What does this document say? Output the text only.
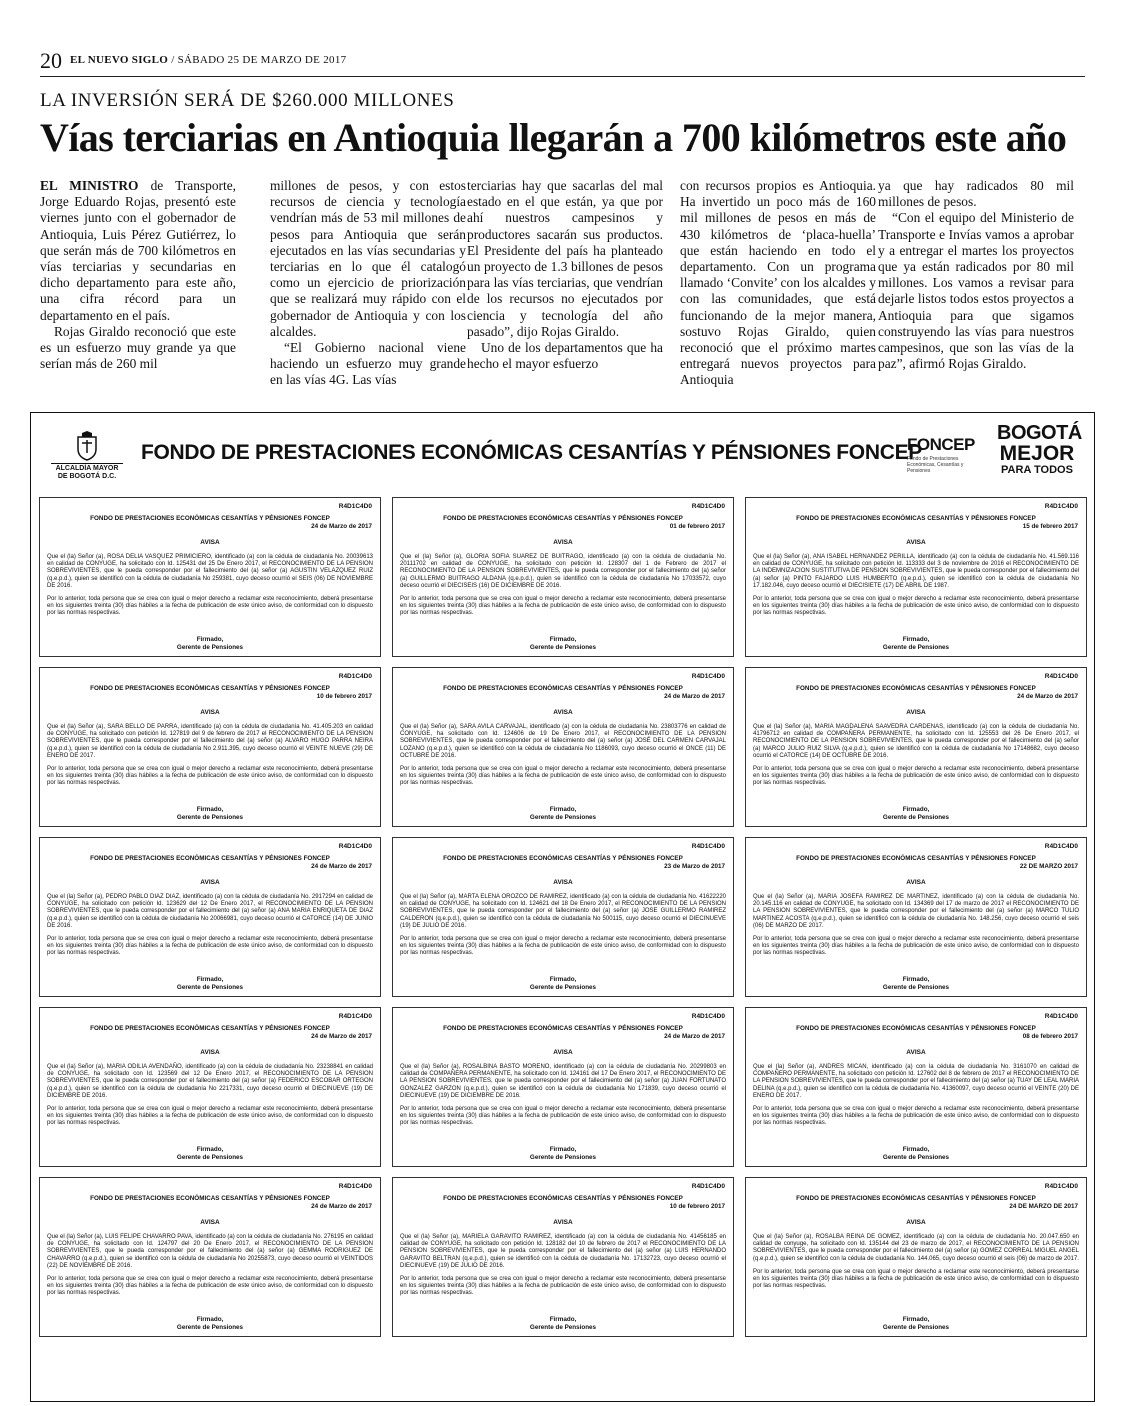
20 EL NUEVO SIGLO / SÁBADO 25 DE MARZO DE 2017
LA INVERSIÓN SERÁ DE $260.000 MILLONES
Vías terciarias en Antioquia llegarán a 700 kilómetros este año

EL MINISTRO de Transporte, Jorge Eduardo Rojas, presentó este viernes junto con el gobernador de Antioquia, Luis Pérez Gutiérrez, lo que serán más de 700 kilómetros en vías terciarias y secundarias en dicho departamento para este año, una cifra récord para un departamento en el país.

Rojas Giraldo reconoció que este es un esfuerzo muy grande ya que serían más de 260 mil

millones de pesos, y con estos recursos de ciencia y tecnología vendrían más de 53 mil millones de pesos para Antioquia que serán ejecutados en las vías secundarias y terciarias en lo que él catalogó como un ejercicio de priorización que se realizará muy rápido con el gobernador de Antioquia y con los alcaldes.

“El Gobierno nacional viene haciendo un esfuerzo muy grande en las vías 4G. Las vías

terciarias hay que sacarlas del mal estado en el que están, ya que por ahí nuestros campesinos y productores sacarán sus productos. El Presidente del país ha planteado un proyecto de 1.3 billones de pesos para las vías terciarias, que vendrían de los recursos no ejecutados por ciencia y tecnología del año pasado”, dijo Rojas Giraldo.

Uno de los departamentos que ha hecho el mayor esfuerzo

con recursos propios es Antioquia. Ha invertido un poco más de 160 mil millones de pesos en más de 430 kilómetros de ‘placa-huella’ que están haciendo en todo el departamento. Con un programa llamado ‘Convite’ con los alcaldes y con las comunidades, que está funcionando de la mejor manera, sostuvo Rojas Giraldo, quien reconoció que el próximo martes entregará nuevos proyectos para Antioquia

ya que hay radicados 80 mil millones de pesos.

“Con el equipo del Ministerio de Transporte e Invías vamos a aprobar y a entregar el martes los proyectos que ya están radicados por 80 mil millones. Los vamos a revisar para dejarle listos todos estos proyectos a Antioquia para que sigamos construyendo las vías para nuestros campesinos, que son las vías de la paz”, afirmó Rojas Giraldo.

ALCALDÍA MAYOR DE BOGOTÁ D.C.
FONDO DE PRESTACIONES ECONÓMICAS CESANTÍAS Y PÉNSIONES FONCEP
FONCEP
Fondo de Prestaciones Económicas, Cesantías y Pensiones
BOGOTÁ
MEJOR
PARA TODOS
R4D1C4D0
FONDO DE PRESTACIONES ECONÓMICAS CESANTÍAS Y PÉNSIONES FONCEP
24 de Marzo de 2017
AVISA

Que el (la) Señor (a), ROSA DELIA VASQUEZ PRIMICIERO, identificado (a) con la cédula de ciudadanía No. 20039613 en calidad de CONYUGE, ha solicitado con Id. 125431 del 25 De Enero 2017, el RECONOCIMIENTO DE LA PENSION SOBREVIVIENTES, que le pueda corresponder por el fallecimiento del (a) señor (a) AGUSTIN VELAZQUEZ RUIZ (q.e.p.d.), quien se identificó con la cédula de ciudadanía No 259381, cuyo deceso ocurrió el SEIS (06) DE NOVIEMBRE DE 2016.

Por lo anterior, toda persona que se crea con igual o mejor derecho a reclamar este reconocimiento, deberá presentarse en los siguientes treinta (30) días hábiles a la fecha de publicación de este único aviso, de conformidad con lo dispuesto por las normas respectivas.

Firmado,
Gerente de Pensiones
R4D1C4D0
FONDO DE PRESTACIONES ECONÓMICAS CESANTÍAS Y PÉNSIONES FONCEP
01 de febrero 2017
AVISA

Que el (la) Señor (a), GLORIA SOFIA SUAREZ DE BUITRAGO, identificado (a) con la cédula de ciudadanía No. 20111702 en calidad de CONYUGE, ha solicitado con petición Id. 128307 del 1 de Febrero de 2017 el RECONOCIMIENTO DE LA PENSION SOBREVIVIENTES, que le pueda corresponder por el fallecimiento del (a) señor (a) GUILLERMO BUITRAGO ALDANA (q.e.p.d.), quien se identificó con la cédula de ciudadanía No 17033572, cuyo deceso ocurrió el DIECISEIS (16) DE DICIEMBRE DE 2016.

Por lo anterior, toda persona que se crea con igual o mejor derecho a reclamar este reconocimiento, deberá presentarse en los siguientes treinta (30) días hábiles a la fecha de publicación de este único aviso, de conformidad con lo dispuesto por las normas respectivas.

Firmado,
Gerente de Pensiones
R4D1C4D0
FONDO DE PRESTACIONES ECONÓMICAS CESANTÍAS Y PÉNSIONES FONCEP
15 de febrero 2017
AVISA

Que el (la) Señor (a), ANA ISABEL HERNANDEZ PERILLA, identificado (a) con la cédula de ciudadanía No. 41.569.116 en calidad de CONYUGE, ha solicitado con petición Id. 113333 del 3 de noviembre de 2016 el RECONOCIMIENTO DE LA INDEMNIZACION SUSTITUTIVA DE PENSION SOBREVIVIENTES, que le pueda corresponder por el fallecimiento del (a) señor (a) PINTO FAJARDO LUIS HUMBERTO (q.e.p.d.), quien se identificó con la cédula de ciudadanía No 17.182.046, cuyo deceso ocurrió el DIECISIETE (17) DE ABRIL DE 1987.

Por lo anterior, toda persona que se crea con igual o mejor derecho a reclamar este reconocimiento, deberá presentarse en los siguientes treinta (30) días hábiles a la fecha de publicación de este único aviso, de conformidad con lo dispuesto por las normas respectivas.

Firmado,
Gerente de Pensiones
R4D1C4D0
FONDO DE PRESTACIONES ECONÓMICAS CESANTÍAS Y PÉNSIONES FONCEP
10 de febrero 2017
AVISA

Que el (la) Señor (a), SARA BELLO DE PARRA, identificado (a) con la cédula de ciudadanía No. 41.405.203 en calidad de CONYUGE, ha solicitado con petición Id. 127819 del 9 de febrero de 2017 el RECONOCIMIENTO DE LA PENSION SOBREVIVIENTES, que le pueda corresponder por el fallecimiento del (a) señor (a) ALVARO HUGO PARRA NEIRA (q.e.p.d.), quien se identificó con la cédula de ciudadanía No 2.911.395, cuyo deceso ocurrió el VEINTE NUEVE (29) DE ENERO DE 2017.

Por lo anterior, toda persona que se crea con igual o mejor derecho a reclamar este reconocimiento, deberá presentarse en los siguientes treinta (30) días hábiles a la fecha de publicación de este único aviso, de conformidad con lo dispuesto por las normas respectivas.

Firmado,
Gerente de Pensiones
R4D1C4D0
FONDO DE PRESTACIONES ECONÓMICAS CESANTÍAS Y PÉNSIONES FONCEP
24 de Marzo de 2017
AVISA

Que el (la) Señor (a), SARA AVILA CARVAJAL, identificado (a) con la cédula de ciudadanía No. 23803776 en calidad de CONYUGE, ha solicitado con Id. 124606 de 19 De Enero 2017, el RECONOCIMIENTO DE LA PENSION SOBREVIVIENTES, que le pueda corresponder por el fallecimiento del (a) señor (a) JOSÉ DEL CARMEN CARVAJAL LOZANO (q.e.p.d.), quien se identificó con la cédula de ciudadanía No 1186093, cuyo deceso ocurrió el ONCE (11) DE OCTUBRE DE 2016.

Por lo anterior, toda persona que se crea con igual o mejor derecho a reclamar este reconocimiento, deberá presentarse en los siguientes treinta (30) días hábiles a la fecha de publicación de este único aviso, de conformidad con lo dispuesto por las normas respectivas.

Firmado,
Gerente de Pensiones
R4D1C4D0
FONDO DE PRESTACIONES ECONÓMICAS CESANTÍAS Y PÉNSIONES FONCEP
24 de Marzo de 2017
AVISA

Que el (la) Señor (a), MARIA MAGDALENA SAAVEDRA CARDENAS, identificado (a) con la cédula de ciudadanía No. 41796712 en calidad de COMPAÑERA PERMANENTE, ha solicitado con Id. 125553 del 26 De Enero 2017, el RECONOCIMIENTO DE LA PENSION SOBREVIVIENTES, que le pueda corresponder por el fallecimiento del (a) señor (a) MARCO JULIO RUIZ SILVA (q.e.p.d.), quien se identificó con la cédula de ciudadanía No 17148682, cuyo deceso ocurrió el CATORCE (14) DE OCTUBRE DE 2016.

Por lo anterior, toda persona que se crea con igual o mejor derecho a reclamar este reconocimiento, deberá presentarse en los siguientes treinta (30) días hábiles a la fecha de publicación de este único aviso, de conformidad con lo dispuesto por las normas respectivas.

Firmado,
Gerente de Pensiones
R4D1C4D0
FONDO DE PRESTACIONES ECONÓMICAS CESANTÍAS Y PÉNSIONES FONCEP
24 de Marzo de 2017
AVISA

Que el (la) Señor (a), PEDRO PABLO DIAZ DIAZ, identificado (a) con la cédula de ciudadanía No. 2917294 en calidad de CONYUGE, ha solicitado con petición Id. 123629 del 12 De Enero 2017, el RECONOCIMIENTO DE LA PENSION SOBREVIVIENTES, que le pueda corresponder por el fallecimiento del (a) señor (a) ANA MARIA ENRIQUETA DE DIAZ (q.e.p.d.), quien se identificó con la cédula de ciudadanía No 20066981, cuyo deceso ocurrió el CATORCE (14) DE JUNIO DE 2016.

Por lo anterior, toda persona que se crea con igual o mejor derecho a reclamar este reconocimiento, deberá presentarse en los siguientes treinta (30) días hábiles a la fecha de publicación de este único aviso, de conformidad con lo dispuesto por las normas respectivas.

Firmado,
Gerente de Pensiones
R4D1C4D0
FONDO DE PRESTACIONES ECONÓMICAS CESANTÍAS Y PÉNSIONES FONCEP
23 de Marzo de 2017
AVISA

Que el (la) Señor (a), MARTA ELENA OROZCO DE RAMIREZ, identificado (a) con la cédula de ciudadanía No. 41622220 en calidad de CONYUGE, ha solicitado con Id. 124621 del 18 De Enero 2017, el RECONOCIMIENTO DE LA PENSION SOBREVIVIENTES, que le pueda corresponder por el fallecimiento del (a) señor (a) JOSE GUILLERMO RAMIREZ CALDERON (q.e.p.d.), quien se identificó con la cédula de ciudadanía No 500115, cuyo deceso ocurrió el DIECINUEVE (19) DE JULIO DE 2016.

Por lo anterior, toda persona que se crea con igual o mejor derecho a reclamar este reconocimiento, deberá presentarse en los siguientes treinta (30) días hábiles a la fecha de publicación de este único aviso, de conformidad con lo dispuesto por las normas respectivas.

Firmado,
Gerente de Pensiones
R4D1C4D0
FONDO DE PRESTACIONES ECONÓMICAS CESANTÍAS Y PÉNSIONES FONCEP
22 DE MARZO 2017
AVISA

Que el (la) Señor (a), MARIA JOSEFA RAMIREZ DE MARTINEZ, identificado (a) con la cédula de ciudadanía No. 20.145.116 en calidad de CONYUGE, ha solicitado con Id. 134369 del 17 de marzo de 2017 el RECONOCIMIENTO DE LA PENSION SOBREVIVIENTES, que le pueda corresponder por el fallecimiento del (a) señor (a) MARCO TULIO MARTINEZ ACOSTA (q.e.p.d.), quien se identificó con la cédula de ciudadanía No. 148.256, cuyo deceso ocurrió el seis (06) DE MARZO DE 2017.

Por lo anterior, toda persona que se crea con igual o mejor derecho a reclamar este reconocimiento, deberá presentarse en los siguientes treinta (30) días hábiles a la fecha de publicación de este único aviso, de conformidad con lo dispuesto por las normas respectivas.

Firmado,
Gerente de Pensiones
R4D1C4D0
FONDO DE PRESTACIONES ECONÓMICAS CESANTÍAS Y PÉNSIONES FONCEP
24 de Marzo de 2017
AVISA

Que el (la) Señor (a), MARIA ODILIA AVENDAÑO, identificado (a) con la cédula de ciudadanía No. 23238841 en calidad de CONYUGE, ha solicitado con Id. 123569 del 12 De Enero 2017, el RECONOCIMIENTO DE LA PENSION SOBREVIVIENTES, que le pueda corresponder por el fallecimiento del (a) señor (a) FEDERICO ESCOBAR ORTEGON (q.e.p.d.), quien se identificó con la cédula de ciudadanía No 2217331, cuyo deceso ocurrió el DIECINUEVE (19) DE DICIEMBRE DE 2016.

Por lo anterior, toda persona que se crea con igual o mejor derecho a reclamar este reconocimiento, deberá presentarse en los siguientes treinta (30) días hábiles a la fecha de publicación de este único aviso, de conformidad con lo dispuesto por las normas respectivas.

Firmado,
Gerente de Pensiones
R4D1C4D0
FONDO DE PRESTACIONES ECONÓMICAS CESANTÍAS Y PÉNSIONES FONCEP
24 de Marzo de 2017
AVISA

Que el (la) Señor (a), ROSALBINA BASTO MORENO, identificado (a) con la cédula de ciudadanía No. 20299803 en calidad de COMPAÑERA PERMANENTE, ha solicitado con Id. 124161 del 17 De Enero 2017, el RECONOCIMIENTO DE LA PENSION SOBREVIVIENTES, que le pueda corresponder por el fallecimiento del (a) señor (a) JUAN FORTUNATO GONZALEZ GARZON (q.e.p.d.), quien se identificó con la cédula de ciudadanía No 171839, cuyo deceso ocurrió el DIECINUEVE (19) DE DICIEMBRE DE 2016.

Por lo anterior, toda persona que se crea con igual o mejor derecho a reclamar este reconocimiento, deberá presentarse en los siguientes treinta (30) días hábiles a la fecha de publicación de este único aviso, de conformidad con lo dispuesto por las normas respectivas.

Firmado,
Gerente de Pensiones
R4D1C4D0
FONDO DE PRESTACIONES ECONÓMICAS CESANTÍAS Y PÉNSIONES FONCEP
08 de febrero 2017
AVISA

Que el (la) Señor (a), ANDRES MICAN, identificado (a) con la cédula de ciudadanía No. 3161070 en calidad de COMPAÑERO PERMANENTE, ha solicitado con petición Id. 127602 del 8 de febrero de 2017 el RECONOCIMIENTO DE LA PENSION SOBREVIVIENTES, que le pueda corresponder por el fallecimiento del (a) señor (a) TUAY DE LEAL MARIA DELINA (q.e.p.d.), quien se identificó con la cédula de ciudadanía No. 41360097, cuyo deceso ocurrió el VEINTE (20) DE ENERO DE 2017.

Por lo anterior, toda persona que se crea con igual o mejor derecho a reclamar este reconocimiento, deberá presentarse en los siguientes treinta (30) días hábiles a la fecha de publicación de este único aviso, de conformidad con lo dispuesto por las normas respectivas.

Firmado,
Gerente de Pensiones
R4D1C4D0
FONDO DE PRESTACIONES ECONÓMICAS CESANTÍAS Y PÉNSIONES FONCEP
24 de Marzo de 2017
AVISA

Que el (la) Señor (a), LUIS FELIPE CHAVARRO PAVA, identificado (a) con la cédula de ciudadanía No. 276195 en calidad de CONYUGE, ha solicitado con Id. 124797 del 20 De Enero 2017, el RECONOCIMIENTO DE LA PENSION SOBREVIVIENTES, que le pueda corresponder por el fallecimiento del (a) señor (a) GEMMA RODRIGUEZ DE CHAVARRO (q.e.p.d.), quien se identificó con la cédula de ciudadanía No 20255873, cuyo deceso ocurrió el VEINTIDOS (22) DE NOVIEMBRE DE 2016.

Por lo anterior, toda persona que se crea con igual o mejor derecho a reclamar este reconocimiento, deberá presentarse en los siguientes treinta (30) días hábiles a la fecha de publicación de este único aviso, de conformidad con lo dispuesto por las normas respectivas.

Firmado,
Gerente de Pensiones
R4D1C4D0
FONDO DE PRESTACIONES ECONÓMICAS CESANTÍAS Y PÉNSIONES FONCEP
10 de febrero 2017
AVISA

Que el (la) Señor (a), MARIELA GARAVITO RAMIREZ, identificado (a) con la cédula de ciudadanía No. 41456185 en calidad de CONYUGE, ha solicitado con petición Id. 128182 del 10 de febrero de 2017 el RECONOCIMIENTO DE LA PENSION SOBREVIVIENTES, que le pueda corresponder por el fallecimiento del (a) señor (a) LUIS HERNANDO GARAVITO BELTRAN (q.e.p.d.), quien se identificó con la cédula de ciudadanía No. 17132723, cuyo deceso ocurrió el DIECINUEVE (19) DE JULIO DE 2016.

Por lo anterior, toda persona que se crea con igual o mejor derecho a reclamar este reconocimiento, deberá presentarse en los siguientes treinta (30) días hábiles a la fecha de publicación de este único aviso, de conformidad con lo dispuesto por las normas respectivas.

Firmado,
Gerente de Pensiones
R4D1C4D0
FONDO DE PRESTACIONES ECONÓMICAS CESANTÍAS Y PÉNSIONES FONCEP
24 DE MARZO DE 2017
AVISA

Que el (la) Señor (a), ROSALBA REINA DE GOMEZ, identificado (a) con la cédula de ciudadanía No. 20.047.650 en calidad de conyuge, ha solicitado con Id. 135144 del 23 de marzo de 2017, el RECONOCIMIENTO DE LA PENSION SOBREVIVIENTES, que le pueda corresponder por el fallecimiento del (a) señor (a) GOMEZ CORREAL MIGUEL ANGEL (q.e.p.d.), quien se identificó con la cédula de ciudadanía No. 144.065, cuyo deceso ocurrió el seis (06) de marzo de 2017.

Por lo anterior, toda persona que se crea con igual o mejor derecho a reclamar este reconocimiento, deberá presentarse en los siguientes treinta (30) días hábiles a la fecha de publicación de este único aviso, de conformidad con lo dispuesto por las normas respectivas.

Firmado,
Gerente de Pensiones
